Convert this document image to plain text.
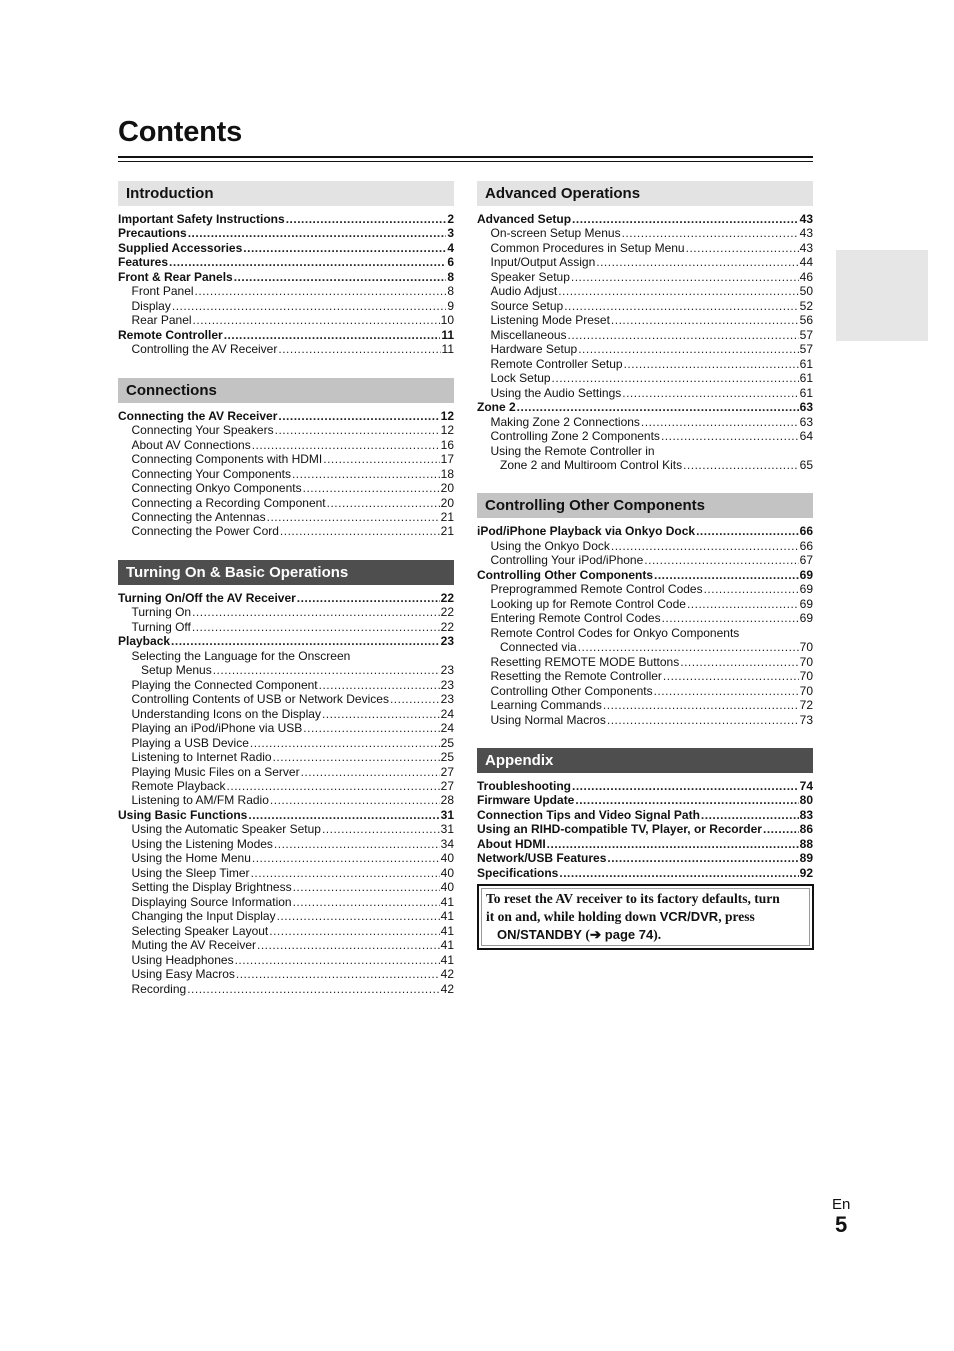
Contents
Introduction
Important Safety Instructions .....	2
Precautions .....	3
Supplied Accessories .....	4
Features .....	6
Front & Rear Panels .....	8
Front Panel .....	8
Display .....	9
Rear Panel .....	10
Remote Controller .....	11
Controlling the AV Receiver .....	11
Connections
Connecting the AV Receiver .....	12
Connecting Your Speakers .....	12
About AV Connections .....	16
Connecting Components with HDMI .....	17
Connecting Your Components .....	18
Connecting Onkyo Components .....	20
Connecting a Recording Component .....	20
Connecting the Antennas .....	21
Connecting the Power Cord .....	21
Turning On & Basic Operations
Turning On/Off the AV Receiver .....	22
Turning On .....	22
Turning Off .....	22
Playback .....	23
Selecting the Language for the Onscreen
Setup Menus .....	23
Playing the Connected Component .....	23
Controlling Contents of USB or Network Devices .....	23
Understanding Icons on the Display .....	24
Playing an iPod/iPhone via USB .....	24
Playing a USB Device .....	25
Listening to Internet Radio .....	25
Playing Music Files on a Server .....	27
Remote Playback .....	27
Listening to AM/FM Radio .....	28
Using Basic Functions .....	31
Using the Automatic Speaker Setup .....	31
Using the Listening Modes .....	34
Using the Home Menu .....	40
Using the Sleep Timer .....	40
Setting the Display Brightness .....	40
Displaying Source Information .....	41
Changing the Input Display .....	41
Selecting Speaker Layout .....	41
Muting the AV Receiver .....	41
Using Headphones .....	41
Using Easy Macros .....	42
Recording .....	42
Advanced Operations
Advanced Setup .....	43
On-screen Setup Menus .....	43
Common Procedures in Setup Menu .....	43
Input/Output Assign .....	44
Speaker Setup .....	46
Audio Adjust .....	50
Source Setup .....	52
Listening Mode Preset .....	56
Miscellaneous .....	57
Hardware Setup .....	57
Remote Controller Setup .....	61
Lock Setup .....	61
Using the Audio Settings .....	61
Zone 2 .....	63
Making Zone 2 Connections .....	63
Controlling Zone 2 Components .....	64
Using the Remote Controller in
Zone 2 and Multiroom Control Kits .....	65
Controlling Other Components
iPod/iPhone Playback via Onkyo Dock .....	66
Using the Onkyo Dock .....	66
Controlling Your iPod/iPhone .....	67
Controlling Other Components .....	69
Preprogrammed Remote Control Codes .....	69
Looking up for Remote Control Code .....	69
Entering Remote Control Codes .....	69
Remote Control Codes for Onkyo Components
Connected via .....	70
Resetting REMOTE MODE Buttons .....	70
Resetting the Remote Controller .....	70
Controlling Other Components .....	70
Learning Commands .....	72
Using Normal Macros .....	73
Appendix
Troubleshooting .....	74
Firmware Update .....	80
Connection Tips and Video Signal Path .....	83
Using an RIHD-compatible TV, Player, or Recorder .....	86
About HDMI .....	88
Network/USB Features .....	89
Specifications .....	92
To reset the AV receiver to its factory defaults, turn
it on and, while holding down VCR/DVR, press
ON/STANDBY (➔ page 74).
En
5
